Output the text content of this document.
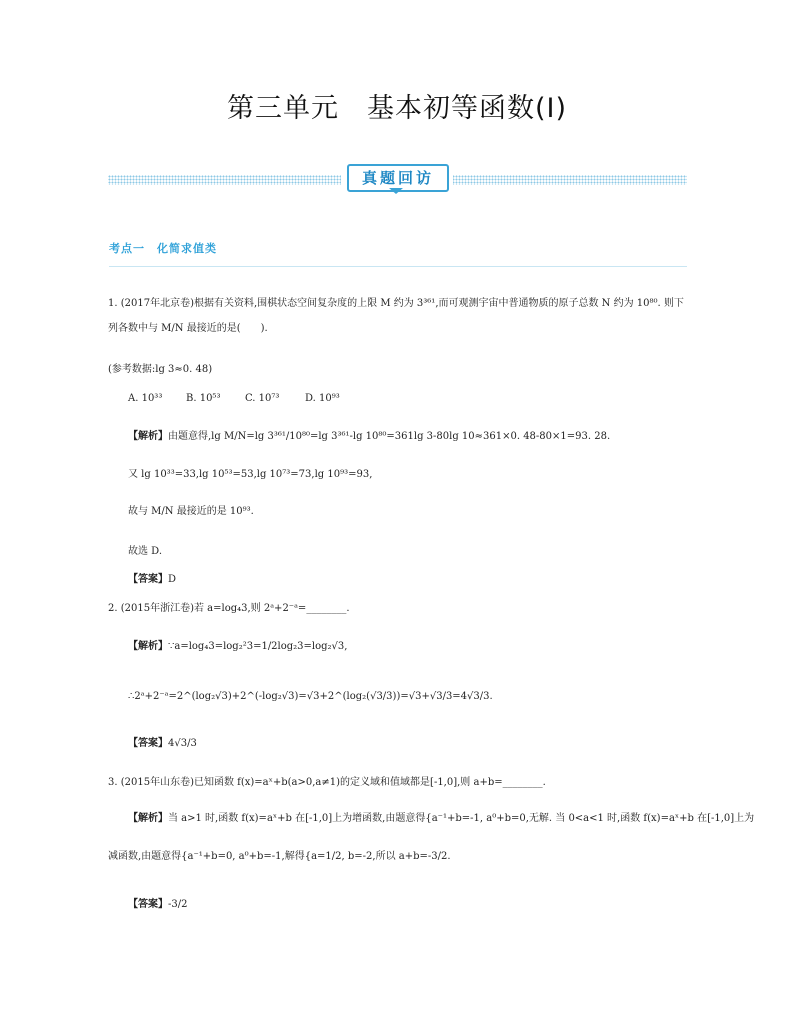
第三单元　基本初等函数(Ⅰ)
真题回访
考点一　化简求值类
1. (2017年北京卷)根据有关资料,围棋状态空间复杂度的上限 M 约为 3³⁶¹,而可观测宇宙中普通物质的原子总数 N 约为 10⁸⁰. 则下
列各数中与 M/N 最接近的是(　　).
(参考数据:lg 3≈0. 48)
A. 10³³ B. 10⁵³ C. 10⁷³	D. 10⁹³
【解析】由题意得,lg M/N=lg 3³⁶¹/10⁸⁰=lg 3³⁶¹-lg 10⁸⁰=361lg 3-80lg 10≈361×0. 48-80×1=93. 28.
又 lg 10³³=33,lg 10⁵³=53,lg 10⁷³=73,lg 10⁹³=93,
故与 M/N 最接近的是 10⁹³.
故选 D.
【答案】D
2. (2015年浙江卷)若 a=log₄3,则 2ᵃ+2⁻ᵃ=________.
【解析】∵a=log₄3=log₂²3=1/2log₂3=log₂√3,
∴2ᵃ+2⁻ᵃ=2^(log₂√3)+2^(-log₂√3)=√3+2^(log₂(√3/3))=√3+√3/3=4√3/3.
【答案】4√3/3
3. (2015年山东卷)已知函数 f(x)=aˣ+b(a>0,a≠1)的定义域和值域都是[-1,0],则 a+b=________.
【解析】当 a>1 时,函数 f(x)=aˣ+b 在[-1,0]上为增函数,由题意得{a⁻¹+b=-1, a⁰+b=0,无解. 当 0<a<1 时,函数 f(x)=aˣ+b 在[-1,0]上为
减函数,由题意得{a⁻¹+b=0, a⁰+b=-1,解得{a=1/2, b=-2,所以 a+b=-3/2.
【答案】-3/2
